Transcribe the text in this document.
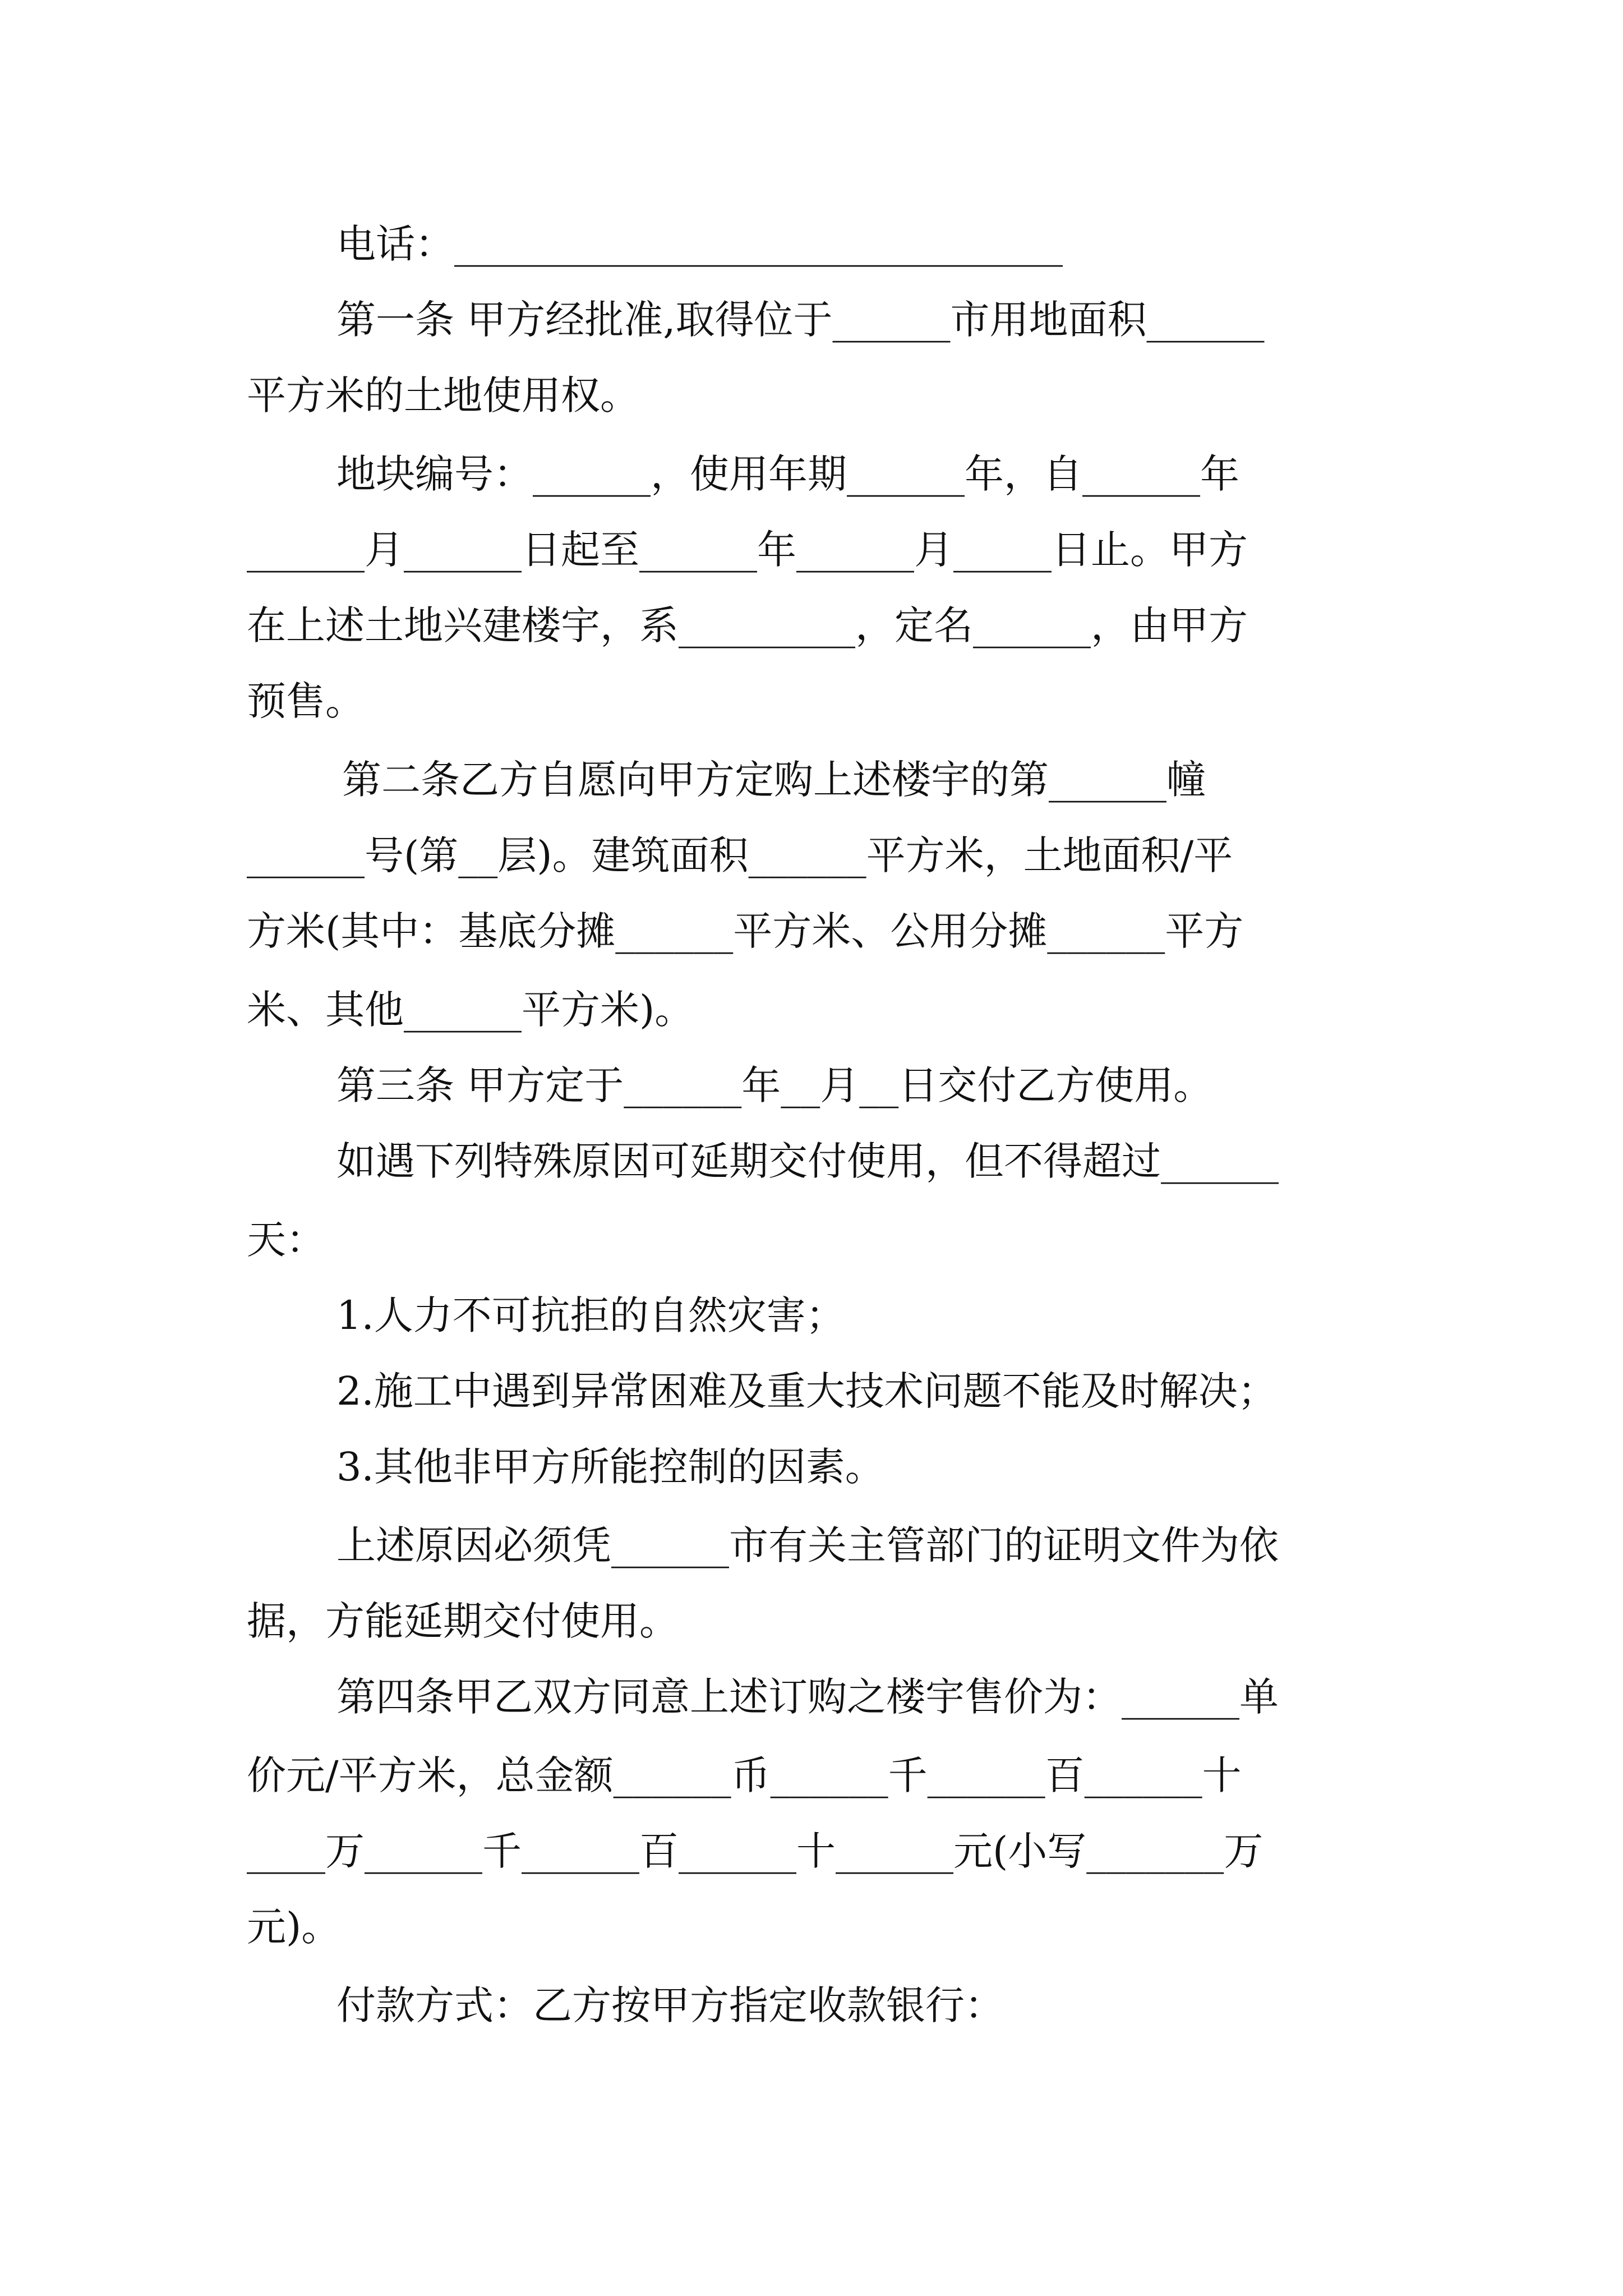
电话：_______________________________
第一条 甲方经批准,取得位于______市用地面积______
平方米的土地使用权。
地块编号：______，使用年期______年，自______年
______月______日起至______年______月_____日止。甲方
在上述土地兴建楼宇，系_________，定名______，由甲方
预售。
第二条乙方自愿向甲方定购上述楼宇的第______幢
______号(第__层)。建筑面积______平方米，土地面积/平
方米(其中：基底分摊______平方米、公用分摊______平方
米、其他______平方米)。
第三条 甲方定于______年__月__日交付乙方使用。
如遇下列特殊原因可延期交付使用，但不得超过______
天：
1.人力不可抗拒的自然灾害；
2.施工中遇到异常困难及重大技术问题不能及时解决；
3.其他非甲方所能控制的因素。
上述原因必须凭______市有关主管部门的证明文件为依
据，方能延期交付使用。
第四条甲乙双方同意上述订购之楼宇售价为：______单
价元/平方米，总金额______币______千______百______十
____万______千______百______十______元(小写_______万
元)。
付款方式：乙方按甲方指定收款银行：
